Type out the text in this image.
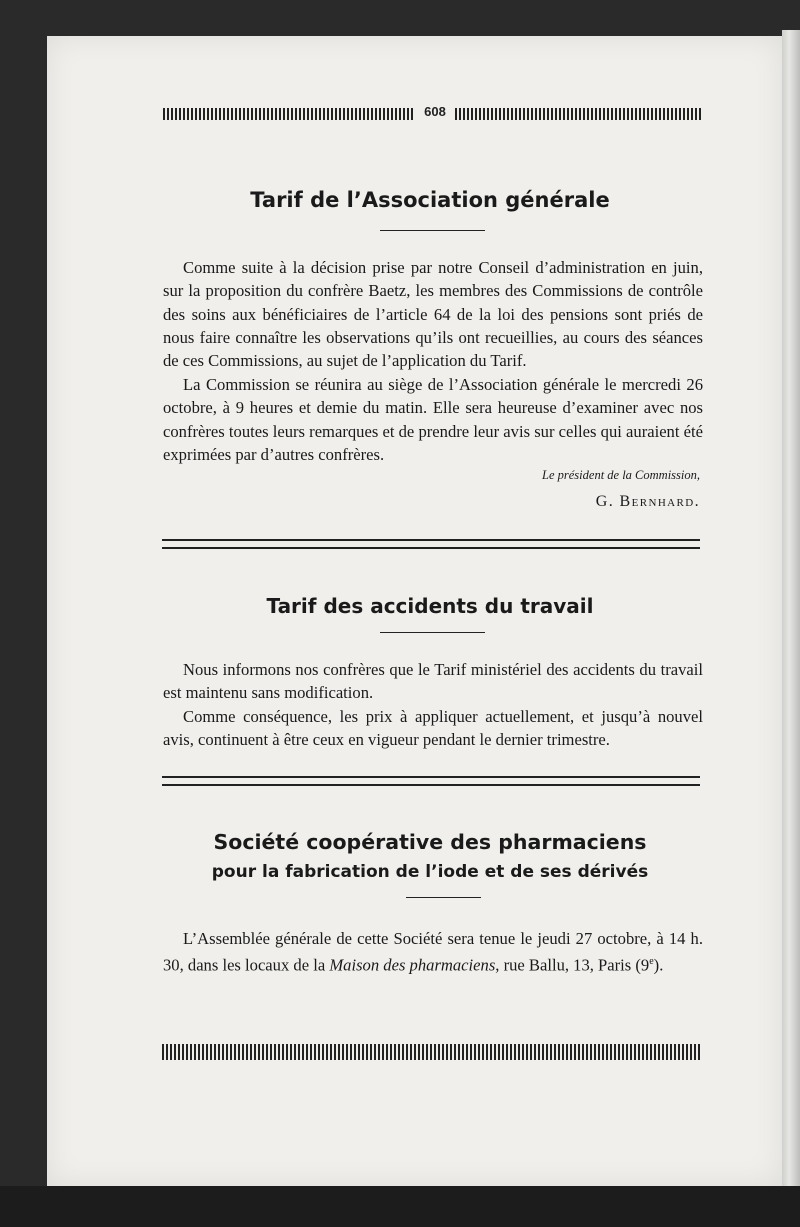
608
Tarif de l’Association générale

Comme suite à la décision prise par notre Conseil d’administration en juin, sur la proposition du confrère Baetz, les membres des Commissions de contrôle des soins aux bénéficiaires de l’article 64 de la loi des pensions sont priés de nous faire connaître les observations qu’ils ont recueillies, au cours des séances de ces Commissions, au sujet de l’application du Tarif.

La Commission se réunira au siège de l’Association générale le mercredi 26 octobre, à 9 heures et demie du matin. Elle sera heureuse d’examiner avec nos confrères toutes leurs remarques et de prendre leur avis sur celles qui auraient été exprimées par d’autres confrères.

Le président de la Commission,
G. Bernhard.
Tarif des accidents du travail

Nous informons nos confrères que le Tarif ministériel des accidents du travail est maintenu sans modification.

Comme conséquence, les prix à appliquer actuellement, et jusqu’à nouvel avis, continuent à être ceux en vigueur pendant le dernier trimestre.

Société coopérative des pharmaciens
pour la fabrication de l’iode et de ses dérivés

L’Assemblée générale de cette Société sera tenue le jeudi 27 octobre, à 14 h. 30, dans les locaux de la Maison des pharmaciens, rue Ballu, 13, Paris (9e).
